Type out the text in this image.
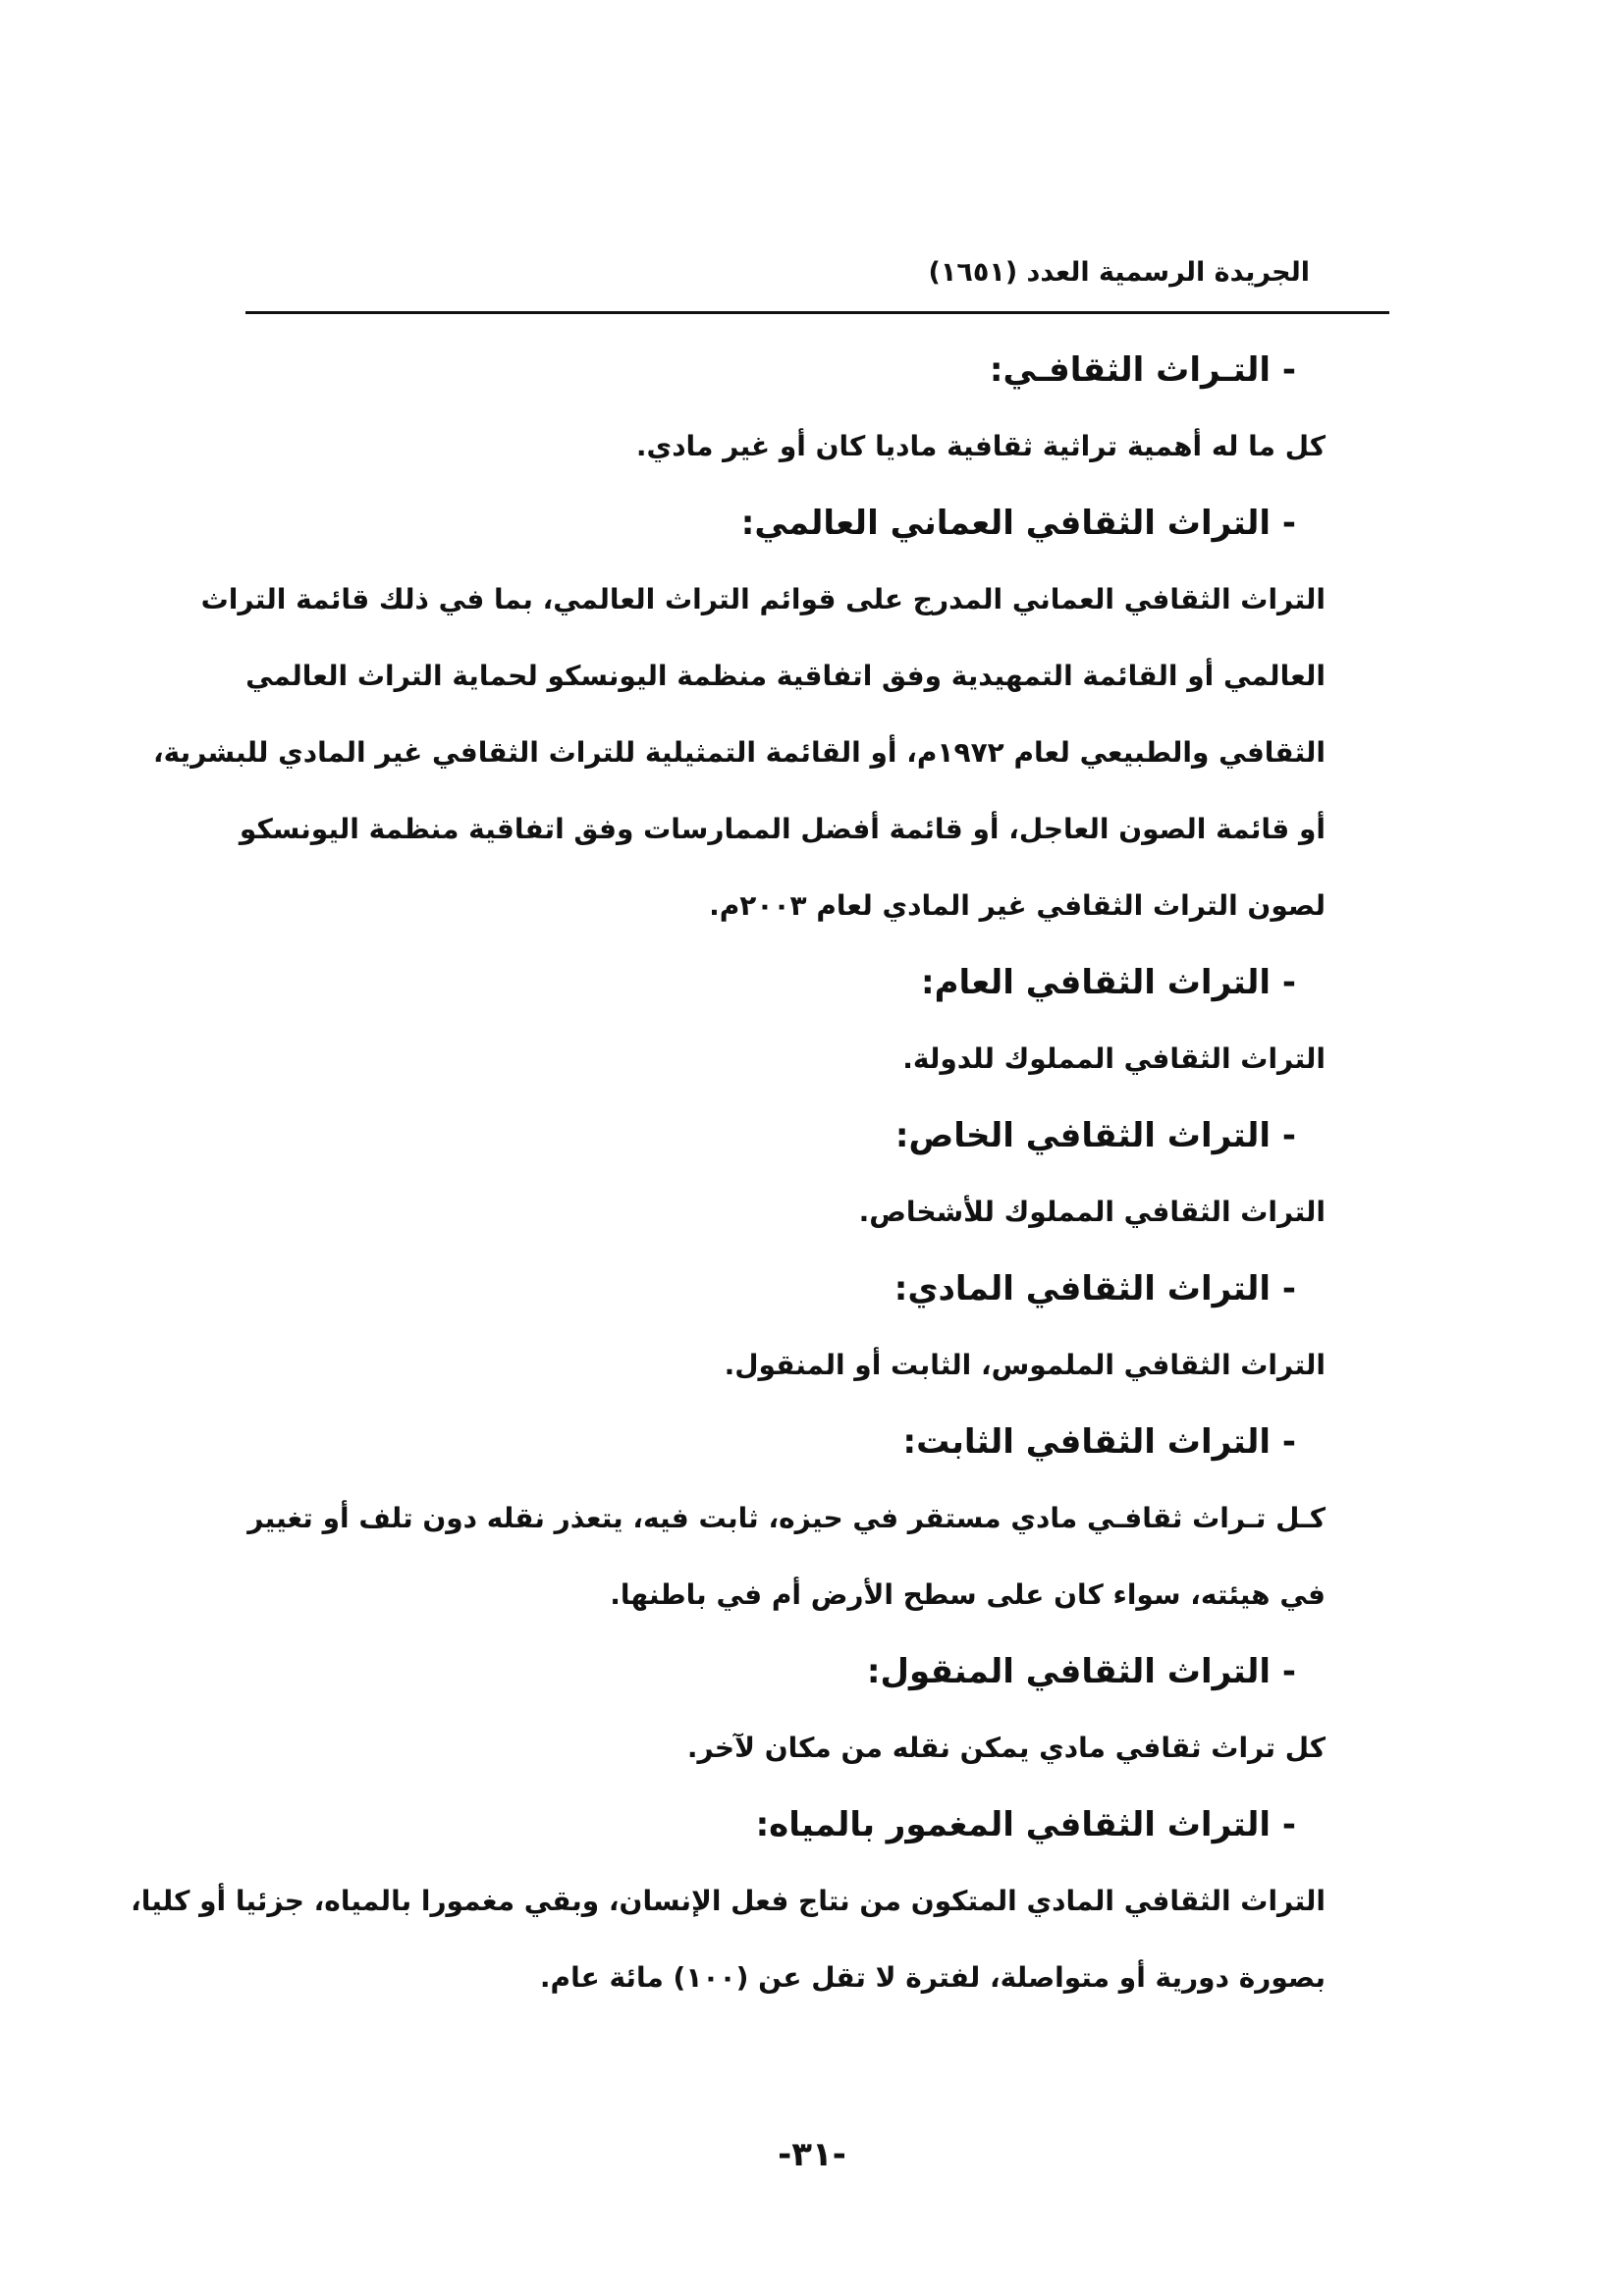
الجريدة الرسمية العدد (١٦٥١)
- التـراث الثقافـي:
كل ما له أهمية تراثية ثقافية ماديا كان أو غير مادي.
- التراث الثقافي العماني العالمي:
التراث الثقافي العماني المدرج على قوائم التراث العالمي، بما في ذلك قائمة التراث
العالمي أو القائمة التمهيدية وفق اتفاقية منظمة اليونسكو لحماية التراث العالمي
الثقافي والطبيعي لعام ١٩٧٢م، أو القائمة التمثيلية للتراث الثقافي غير المادي للبشرية،
أو قائمة الصون العاجل، أو قائمة أفضل الممارسات وفق اتفاقية منظمة اليونسكو
لصون التراث الثقافي غير المادي لعام ٢٠٠٣م.
- التراث الثقافي العام:
التراث الثقافي المملوك للدولة.
- التراث الثقافي الخاص:
التراث الثقافي المملوك للأشخاص.
- التراث الثقافي المادي:
التراث الثقافي الملموس، الثابت أو المنقول.
- التراث الثقافي الثابت:
كـل تـراث ثقافـي مادي مستقر في حيزه، ثابت فيه، يتعذر نقله دون تلف أو تغيير
في هيئته، سواء كان على سطح الأرض أم في باطنها.
- التراث الثقافي المنقول:
كل تراث ثقافي مادي يمكن نقله من مكان لآخر.
- التراث الثقافي المغمور بالمياه:
التراث الثقافي المادي المتكون من نتاج فعل الإنسان، وبقي مغمورا بالمياه، جزئيا أو كليا،
بصورة دورية أو متواصلة، لفترة لا تقل عن (١٠٠) مائة عام.
-٣١-
